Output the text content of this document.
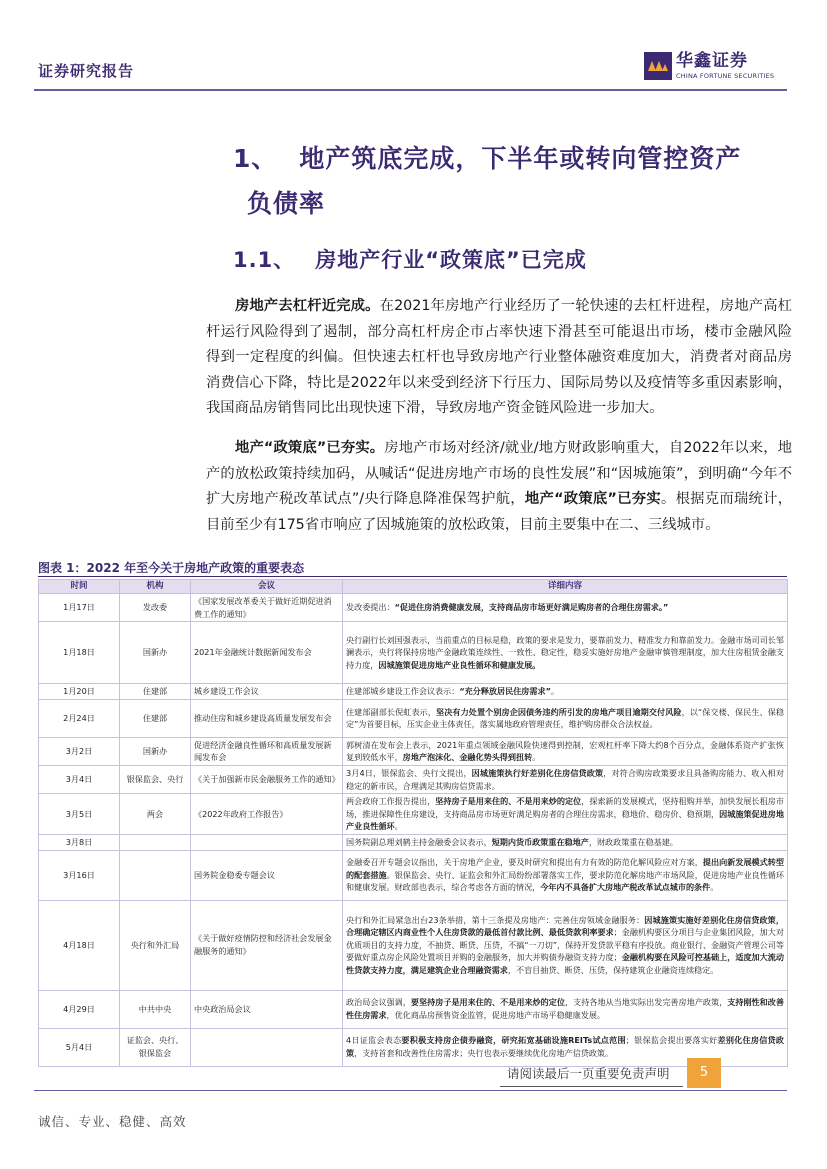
证券研究报告	华鑫证券
CHINA FORTUNE SECURITIES
1、 地产筑底完成，下半年或转向管控资产
负债率
1.1、 房地产行业“政策底”已完成

房地产去杠杆近完成。在2021年房地产行业经历了一轮快速的去杠杆进程，房地产高杠杆运行风险得到了遏制，部分高杠杆房企市占率快速下滑甚至可能退出市场，楼市金融风险得到一定程度的纠偏。但快速去杠杆也导致房地产行业整体融资难度加大，消费者对商品房消费信心下降，特比是2022年以来受到经济下行压力、国际局势以及疫情等多重因素影响，我国商品房销售同比出现快速下滑，导致房地产资金链风险进一步加大。

地产“政策底”已夯实。房地产市场对经济/就业/地方财政影响重大，自2022年以来，地产的放松政策持续加码，从喊话“促进房地产市场的良性发展”和“因城施策”，到明确“今年不扩大房地产税改革试点”/央行降息降准保驾护航，地产“政策底”已夯实。根据克而瑞统计，目前至少有175省市响应了因城施策的放松政策，目前主要集中在二、三线城市。

图表 1：2022 年至今关于房地产政策的重要表态
时间	机构	会议	详细内容
1月17日	发改委	《国家发展改革委关于做好近期促进消费工作的通知》	发改委提出：“促进住房消费健康发展，支持商品房市场更好满足购房者的合理住房需求。”
1月18日	国新办	2021年金融统计数据新闻发布会	央行副行长刘国强表示，当前重点的目标是稳，政策的要求是发力，要靠前发力、精准发力和靠前发力。金融市场司司长邹澜表示，央行将保持房地产金融政策连续性、一致性、稳定性，稳妥实施好房地产金融审慎管理制度，加大住房租赁金融支持力度，因城施策促进房地产业良性循环和健康发展。
1月20日	住建部	城乡建设工作会议	住建部城乡建设工作会议表示：“充分释放居民住房需求”。
2月24日	住建部	推动住房和城乡建设高质量发展发布会	住建部副部长倪虹表示，坚决有力处置个别房企因债务违约所引发的房地产项目逾期交付风险，以“保交楼、保民生、保稳定”为首要目标，压实企业主体责任，落实属地政府管理责任，维护购房群众合法权益。
3月2日	国新办	促进经济金融良性循环和高质量发展新闻发布会	郭树清在发布会上表示，2021年重点领域金融风险快速得到控制，宏观杠杆率下降大约8个百分点，金融体系资产扩张恢复到较低水平，房地产泡沫化、金融化势头得到扭转。
3月4日	银保监会、央行	《关于加强新市民金融服务工作的通知》	3月4日，银保监会、央行文提出，因城施策执行好差别化住房信贷政策，对符合购房政策要求且具备购房能力、收入相对稳定的新市民，合理满足其购房信贷需求。
3月5日	两会	《2022年政府工作报告》	两会政府工作报告提出，坚持房子是用来住的、不是用来炒的定位，探索新的发展模式，坚持租购并举，加快发展长租房市场，推进保障性住房建设，支持商品房市场更好满足购房者的合理住房需求，稳地价、稳房价、稳预期，因城施策促进房地产业良性循环。
3月8日			国务院副总理刘鹤主持金融委会议表示，短期内货币政策重在稳地产，财政政策重在稳基建。
3月16日		国务院金稳委专题会议	金融委召开专题会议指出，关于房地产企业，要及时研究和提出有力有效的防范化解风险应对方案，提出向新发展模式转型的配套措施。银保监会、央行、证监会和外汇局纷纷部署落实工作，要求防范化解房地产市场风险，促进房地产业良性循环和健康发展。财政部也表示，综合考虑各方面的情况，今年内不具备扩大房地产税改革试点城市的条件。
4月18日	央行和外汇局	《关于做好疫情防控和经济社会发展金融服务的通知》	央行和外汇局紧急出台23条举措，第十三条提及房地产：完善住房领域金融服务：因城施策实施好差别化住房信贷政策，合理确定辖区内商业性个人住房贷款的最低首付款比例、最低贷款利率要求；金融机构要区分项目与企业集团风险，加大对优质项目的支持力度，不抽贷、断贷、压贷，不搞“一刀切”，保持开发贷款平稳有序投放。商业银行、金融资产管理公司等要做好重点房企风险处置项目并购的金融服务，加大并购债券融资支持力度；金融机构要在风险可控基础上，适度加大流动性贷款支持力度，满足建筑企业合理融资需求，不盲目抽贷、断贷、压贷，保持建筑企业融资连续稳定。
4月29日	中共中央	中央政治局会议	政治局会议强调，要坚持房子是用来住的、不是用来炒的定位，支持各地从当地实际出发完善房地产政策，支持刚性和改善性住房需求，优化商品房预售资金监管，促进房地产市场平稳健康发展。
5月4日	证监会、央行、银保监会		4日证监会表态要积极支持房企债券融资，研究拓宽基础设施REITs试点范围；银保监会提出要落实好差别化住房信贷政策，支持首套和改善性住房需求；央行也表示要继续优化房地产信贷政策。
请阅读最后一页重要免责声明	5
诚信、专业、稳健、高效
